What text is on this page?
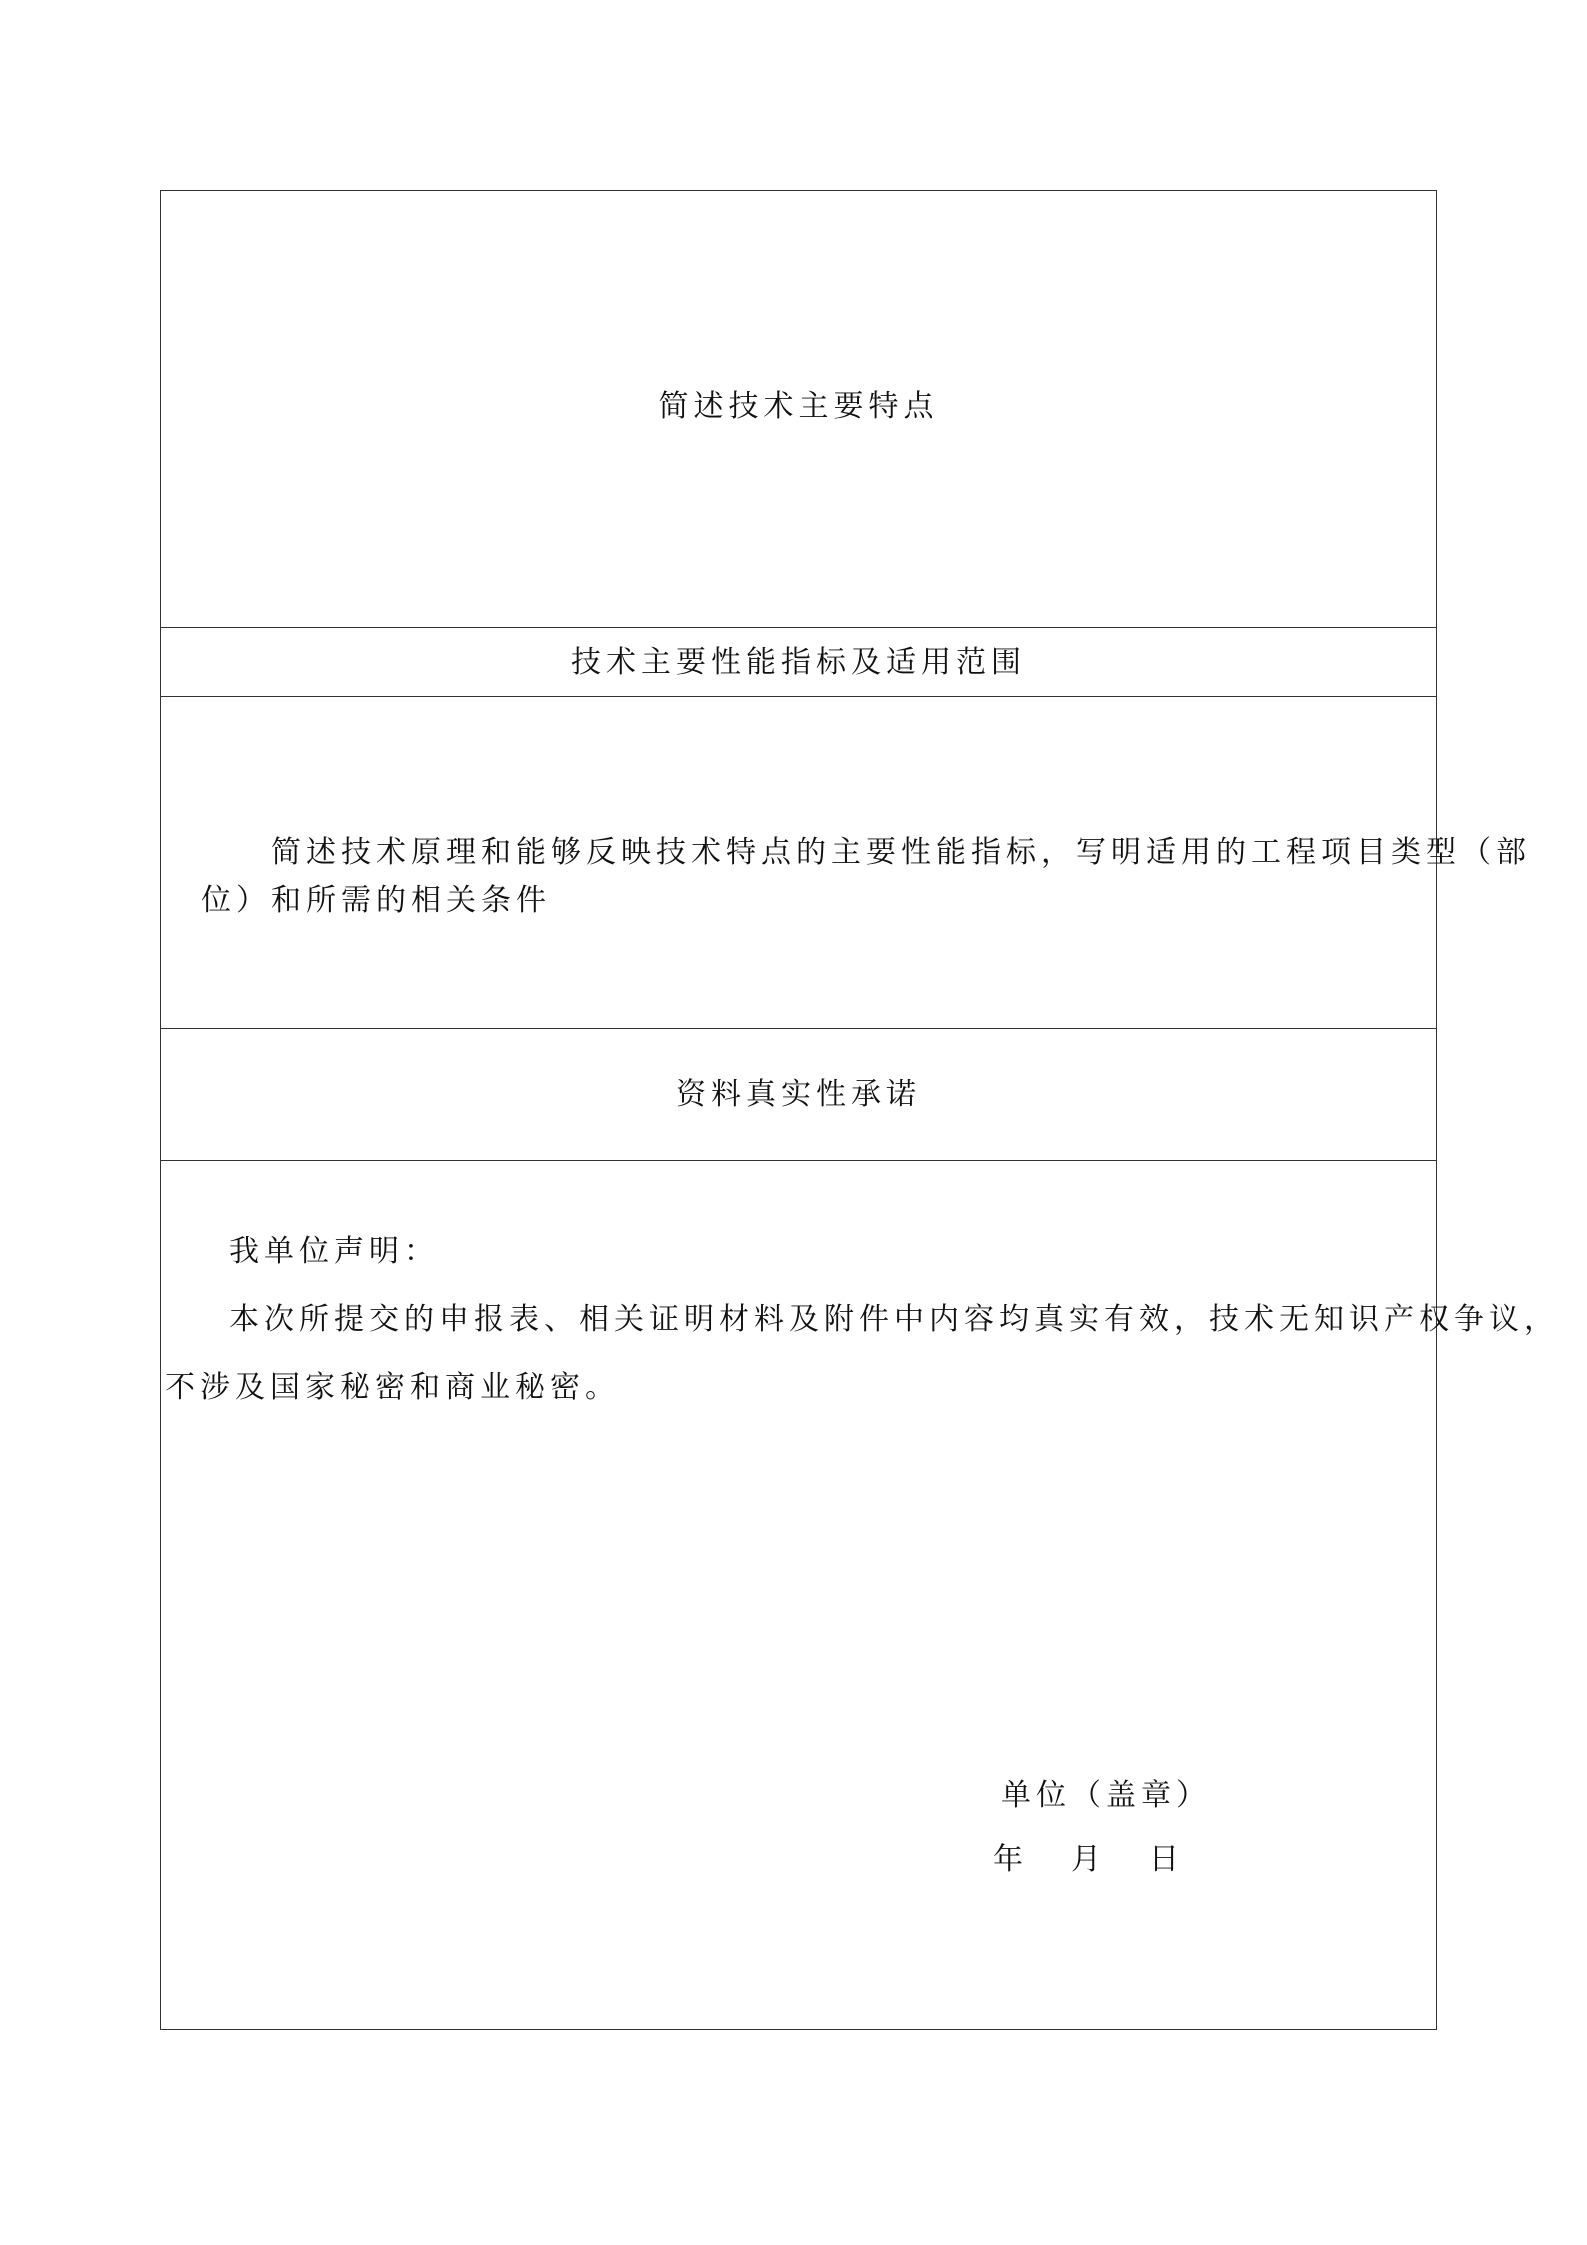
简述技术主要特点
技术主要性能指标及适用范围
简述技术原理和能够反映技术特点的主要性能指标，写明适用的工程项目类型（部
位）和所需的相关条件
资料真实性承诺
我单位声明：
本次所提交的申报表、相关证明材料及附件中内容均真实有效，技术无知识产权争议，
不涉及国家秘密和商业秘密。
单位（盖章）
年 月 日
